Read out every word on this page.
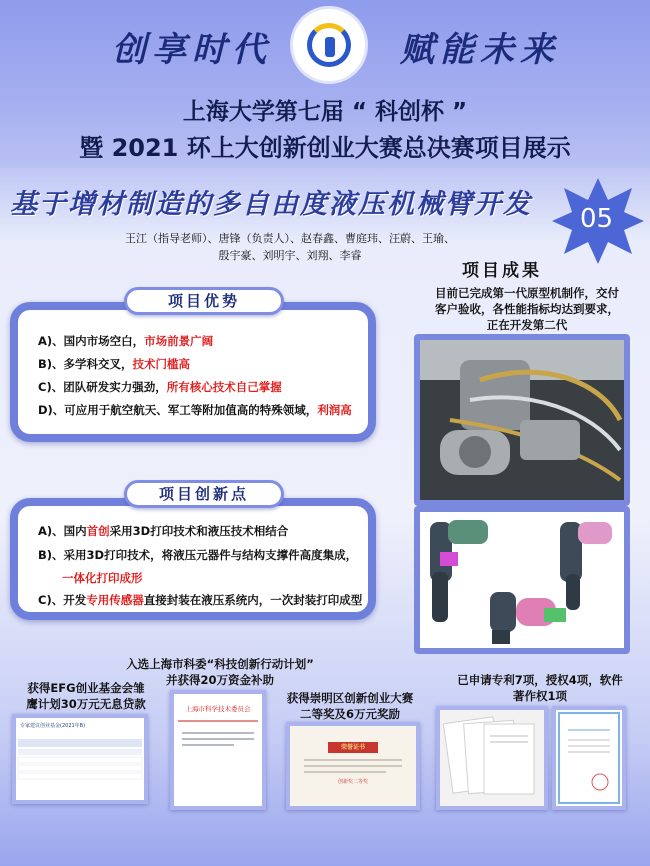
创享时代	赋能未来
上海大学第七届 “ 科创杯 ”
暨 2021 环上大创新创业大赛总决赛项目展示
基于增材制造的多自由度液压机械臂开发 05
王江（指导老师）、唐锋（负责人）、赵春鑫、曹庭玮、汪蔚、王瑜、
殷宇豪、刘明宇、刘翔、李睿
项目优势
A)、国内市场空白，市场前景广阔
B)、多学科交叉，技术门槛高
C)、团队研发实力强劲，所有核心技术自己掌握
D)、可应用于航空航天、军工等附加值高的特殊领域，利润高
项目创新点
A)、国内首创采用3D打印技术和液压技术相结合
B)、采用3D打印技术，将液压元器件与结构支撑件高度集成，
一体化打印成形
C)、开发专用传感器直接封装在液压系统内，一次封装打印成型
项目成果
目前已完成第一代原型机制作，交付
客户验收，各性能指标均达到要求，
正在开发第二代
获得EFG创业基金会雏
鹰计划30万元无息贷款
专家建议创业基金(2021年B)
入选上海市科委“科技创新行动计划”
并获得20万资金补助
上海市科学技术委员会
获得崇明区创新创业大赛
二等奖及6万元奖励
荣誉证书
创新奖二等奖
已申请专利7项，授权4项，软件
著作权1项
